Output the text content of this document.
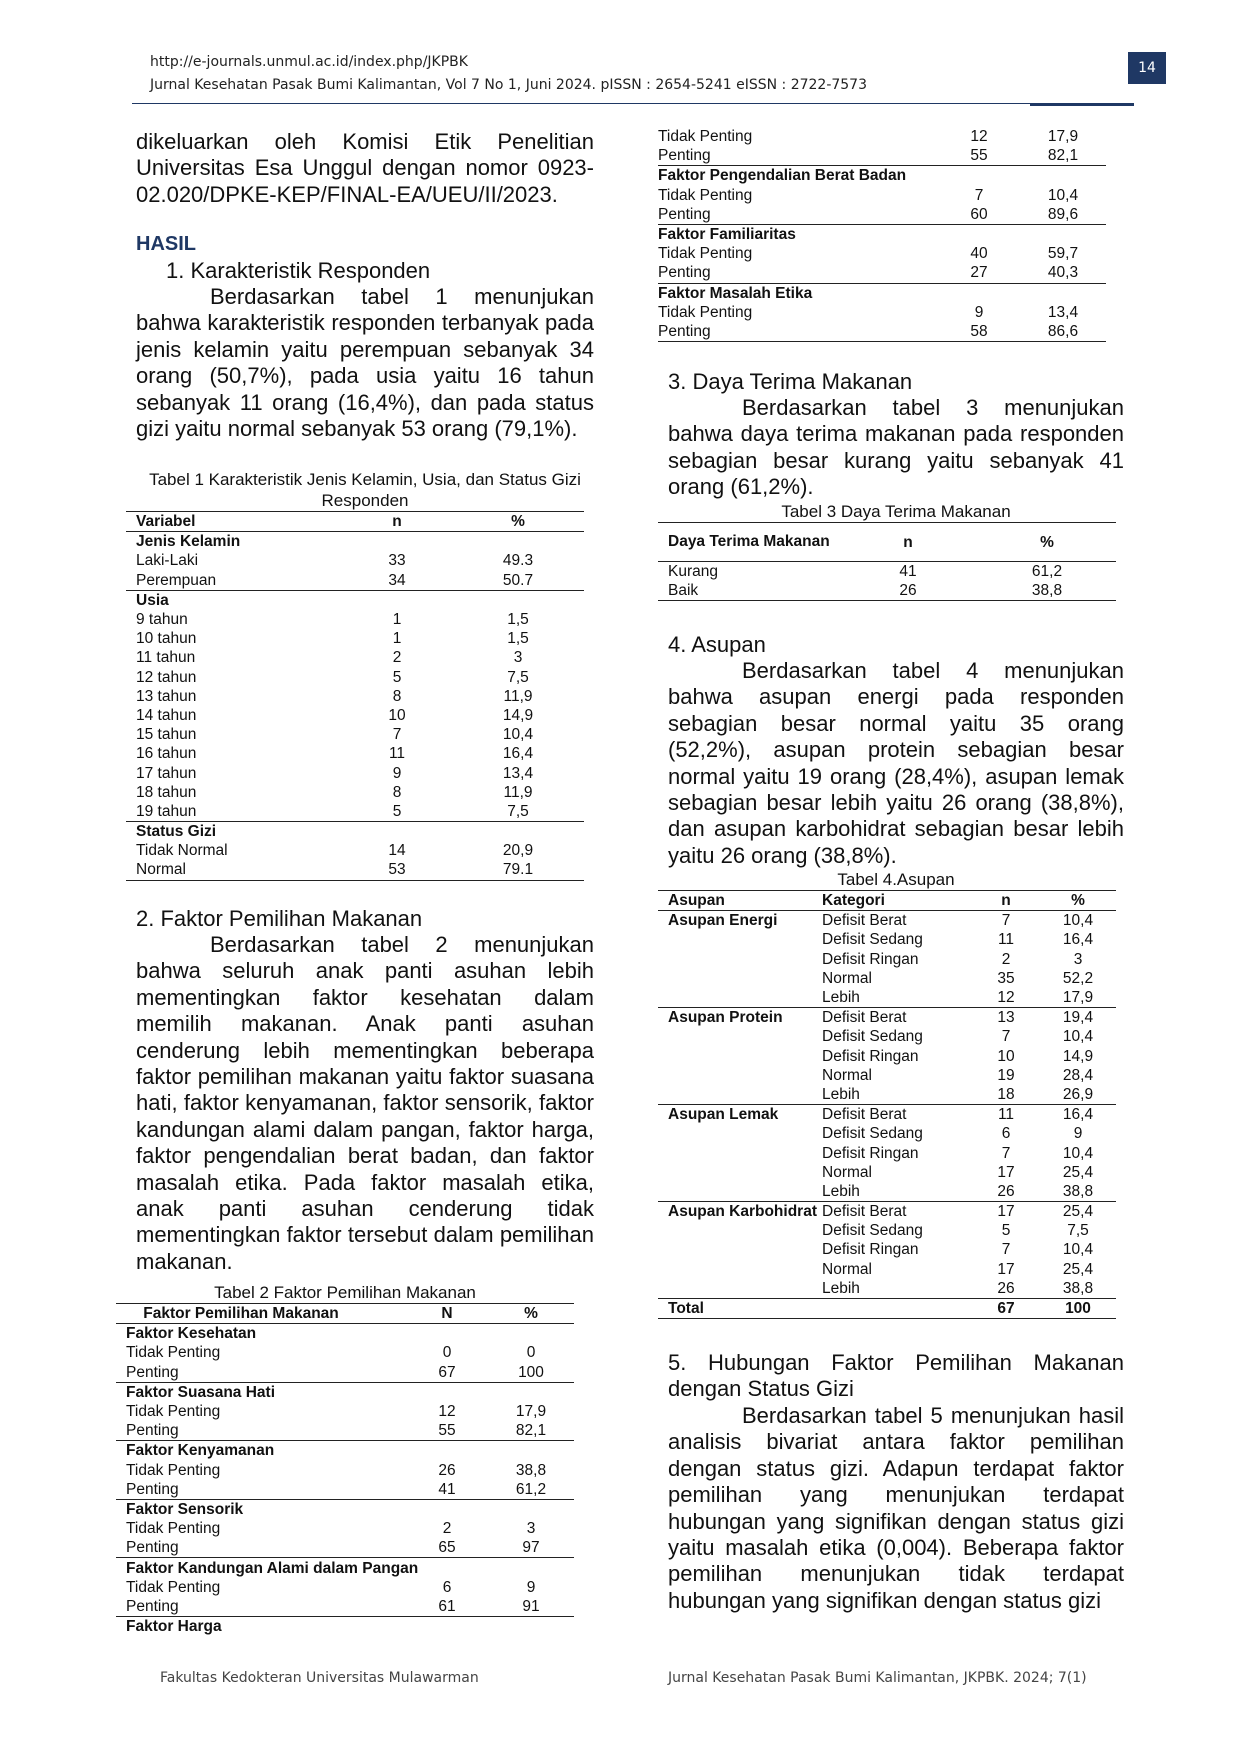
http://e-journals.unmul.ac.id/index.php/JKPBK
Jurnal Kesehatan Pasak Bumi Kalimantan, Vol 7 No 1, Juni 2024. pISSN : 2654-5241 eISSN : 2722-7573
14
dikeluarkan oleh Komisi Etik Penelitian Universitas Esa Unggul dengan nomor 0923-02.020/DPKE-KEP/FINAL-EA/UEU/II/2023.
HASIL
1. Karakteristik Responden
Berdasarkan tabel 1 menunjukan bahwa karakteristik responden terbanyak pada jenis kelamin yaitu perempuan sebanyak 34 orang (50,7%), pada usia yaitu 16 tahun sebanyak 11 orang (16,4%), dan pada status gizi yaitu normal sebanyak 53 orang (79,1%).
Tabel 1 Karakteristik Jenis Kelamin, Usia, dan Status Gizi Responden
Variabel	n	%
Jenis Kelamin		
Laki-Laki	33	49.3
Perempuan	34	50.7
Usia		
9 tahun	1	1,5
10 tahun	1	1,5
11 tahun	2	3
12 tahun	5	7,5
13 tahun	8	11,9
14 tahun	10	14,9
15 tahun	7	10,4
16 tahun	11	16,4
17 tahun	9	13,4
18 tahun	8	11,9
19 tahun	5	7,5
Status Gizi		
Tidak Normal	14	20,9
Normal	53	79.1
2. Faktor Pemilihan Makanan
Berdasarkan tabel 2 menunjukan bahwa seluruh anak panti asuhan lebih mementingkan faktor kesehatan dalam memilih makanan. Anak panti asuhan cenderung lebih mementingkan beberapa faktor pemilihan makanan yaitu faktor suasana hati, faktor kenyamanan, faktor sensorik, faktor kandungan alami dalam pangan, faktor harga, faktor pengendalian berat badan, dan faktor masalah etika. Pada faktor masalah etika, anak panti asuhan cenderung tidak mementingkan faktor tersebut dalam pemilihan makanan.
Tabel 2 Faktor Pemilihan Makanan
Faktor Pemilihan Makanan	N	%
Faktor Kesehatan		
Tidak Penting	0	0
Penting	67	100
Faktor Suasana Hati		
Tidak Penting	12	17,9
Penting	55	82,1
Faktor Kenyamanan		
Tidak Penting	26	38,8
Penting	41	61,2
Faktor Sensorik		
Tidak Penting	2	3
Penting	65	97
Faktor Kandungan Alami dalam Pangan		
Tidak Penting	6	9
Penting	61	91
Faktor Harga		
Tidak Penting	12	17,9
Penting	55	82,1
Faktor Pengendalian Berat Badan		
Tidak Penting	7	10,4
Penting	60	89,6
Faktor Familiaritas		
Tidak Penting	40	59,7
Penting	27	40,3
Faktor Masalah Etika		
Tidak Penting	9	13,4
Penting	58	86,6
3. Daya Terima Makanan
Berdasarkan tabel 3 menunjukan bahwa daya terima makanan pada responden sebagian besar kurang yaitu sebanyak 41 orang (61,2%).
Tabel 3 Daya Terima Makanan
Daya Terima Makanan	n	%
Kurang	41	61,2
Baik	26	38,8
4. Asupan
Berdasarkan tabel 4 menunjukan bahwa asupan energi pada responden sebagian besar normal yaitu 35 orang (52,2%), asupan protein sebagian besar normal yaitu 19 orang (28,4%), asupan lemak sebagian besar lebih yaitu 26 orang (38,8%), dan asupan karbohidrat sebagian besar lebih yaitu 26 orang (38,8%).
Tabel 4.Asupan
Asupan	Kategori	n	%
Asupan Energi	Defisit Berat	7	10,4
	Defisit Sedang	11	16,4
	Defisit Ringan	2	3
	Normal	35	52,2
	Lebih	12	17,9
Asupan Protein	Defisit Berat	13	19,4
	Defisit Sedang	7	10,4
	Defisit Ringan	10	14,9
	Normal	19	28,4
	Lebih	18	26,9
Asupan Lemak	Defisit Berat	11	16,4
	Defisit Sedang	6	9
	Defisit Ringan	7	10,4
	Normal	17	25,4
	Lebih	26	38,8
Asupan Karbohidrat	Defisit Berat	17	25,4
	Defisit Sedang	5	7,5
	Defisit Ringan	7	10,4
	Normal	17	25,4
	Lebih	26	38,8
Total		67	100
5. Hubungan Faktor Pemilihan Makanan dengan Status Gizi
Berdasarkan tabel 5 menunjukan hasil analisis bivariat antara faktor pemilihan dengan status gizi. Adapun terdapat faktor pemilihan yang menunjukan terdapat hubungan yang signifikan dengan status gizi yaitu masalah etika (0,004). Beberapa faktor pemilihan menunjukan tidak terdapat hubungan yang signifikan dengan status gizi
Fakultas Kedokteran Universitas Mulawarman	Jurnal Kesehatan Pasak Bumi Kalimantan, JKPBK. 2024; 7(1)
